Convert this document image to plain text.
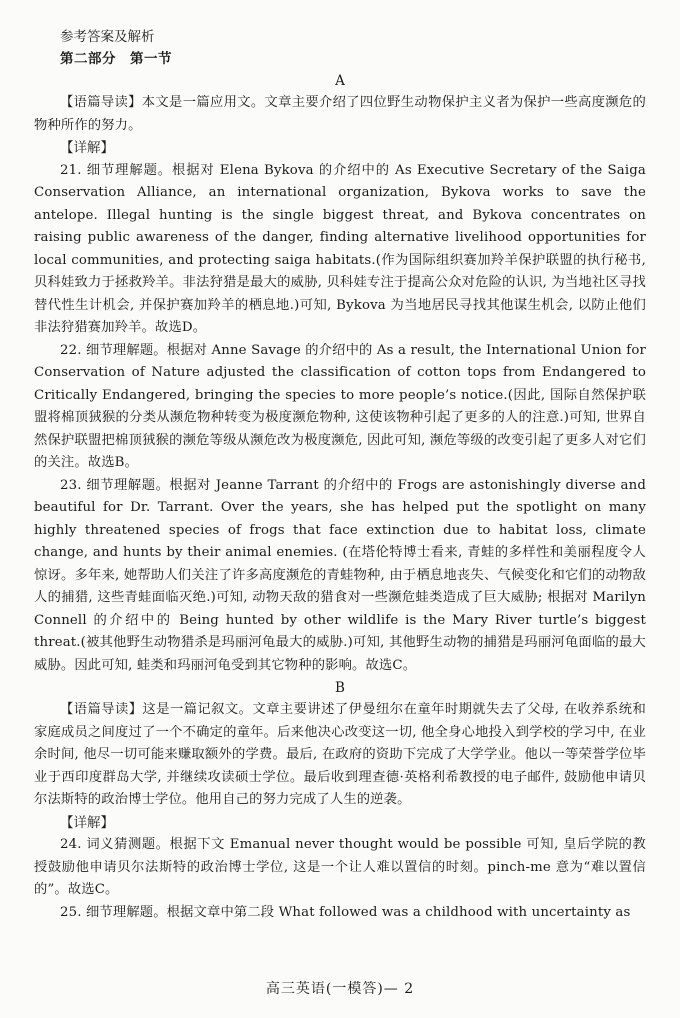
参考答案及解析

第二部分　第一节

A

【语篇导读】本文是一篇应用文。文章主要介绍了四位野生动物保护主义者为保护一些高度濒危的物种所作的努力。

【详解】

21. 细节理解题。根据对 Elena Bykova 的介绍中的 As Executive Secretary of the Saiga Conservation Alliance, an international organization, Bykova works to save the antelope. Illegal hunting is the single biggest threat, and Bykova concentrates on raising public awareness of the danger, finding alternative livelihood opportunities for local communities, and protecting saiga habitats.(作为国际组织赛加羚羊保护联盟的执行秘书, 贝科娃致力于拯救羚羊。非法狩猎是最大的威胁, 贝科娃专注于提高公众对危险的认识, 为当地社区寻找替代性生计机会, 并保护赛加羚羊的栖息地.)可知, Bykova 为当地居民寻找其他谋生机会, 以防止他们非法狩猎赛加羚羊。故选D。

22. 细节理解题。根据对 Anne Savage 的介绍中的 As a result, the International Union for Conservation of Nature adjusted the classification of cotton tops from Endangered to Critically Endangered, bringing the species to more people’s notice.(因此, 国际自然保护联盟将棉顶狨猴的分类从濒危物种转变为极度濒危物种, 这使该物种引起了更多的人的注意.)可知, 世界自然保护联盟把棉顶狨猴的濒危等级从濒危改为极度濒危, 因此可知, 濒危等级的改变引起了更多人对它们的关注。故选B。

23. 细节理解题。根据对 Jeanne Tarrant 的介绍中的 Frogs are astonishingly diverse and beautiful for Dr. Tarrant. Over the years, she has helped put the spotlight on many highly threatened species of frogs that face extinction due to habitat loss, climate change, and hunts by their animal enemies. (在塔伦特博士看来, 青蛙的多样性和美丽程度令人惊讶。多年来, 她帮助人们关注了许多高度濒危的青蛙物种, 由于栖息地丧失、气候变化和它们的动物敌人的捕猎, 这些青蛙面临灭绝.)可知, 动物天敌的猎食对一些濒危蛙类造成了巨大威胁; 根据对 Marilyn Connell 的介绍中的 Being hunted by other wildlife is the Mary River turtle’s biggest threat.(被其他野生动物猎杀是玛丽河龟最大的威胁.)可知, 其他野生动物的捕猎是玛丽河龟面临的最大威胁。因此可知, 蛙类和玛丽河龟受到其它物种的影响。故选C。

B

【语篇导读】这是一篇记叙文。文章主要讲述了伊曼纽尔在童年时期就失去了父母, 在收养系统和家庭成员之间度过了一个不确定的童年。后来他决心改变这一切, 他全身心地投入到学校的学习中, 在业余时间, 他尽一切可能来赚取额外的学费。最后, 在政府的资助下完成了大学学业。他以一等荣誉学位毕业于西印度群岛大学, 并继续攻读硕士学位。最后收到理查德·英格利希教授的电子邮件, 鼓励他申请贝尔法斯特的政治博士学位。他用自己的努力完成了人生的逆袭。

【详解】

24. 词义猜测题。根据下文 Emanual never thought would be possible 可知, 皇后学院的教授鼓励他申请贝尔法斯特的政治博士学位, 这是一个让人难以置信的时刻。pinch-me 意为“难以置信的”。故选C。

25. 细节理解题。根据文章中第二段 What followed was a childhood with uncertainty as

高三英语(一模答)— 2
